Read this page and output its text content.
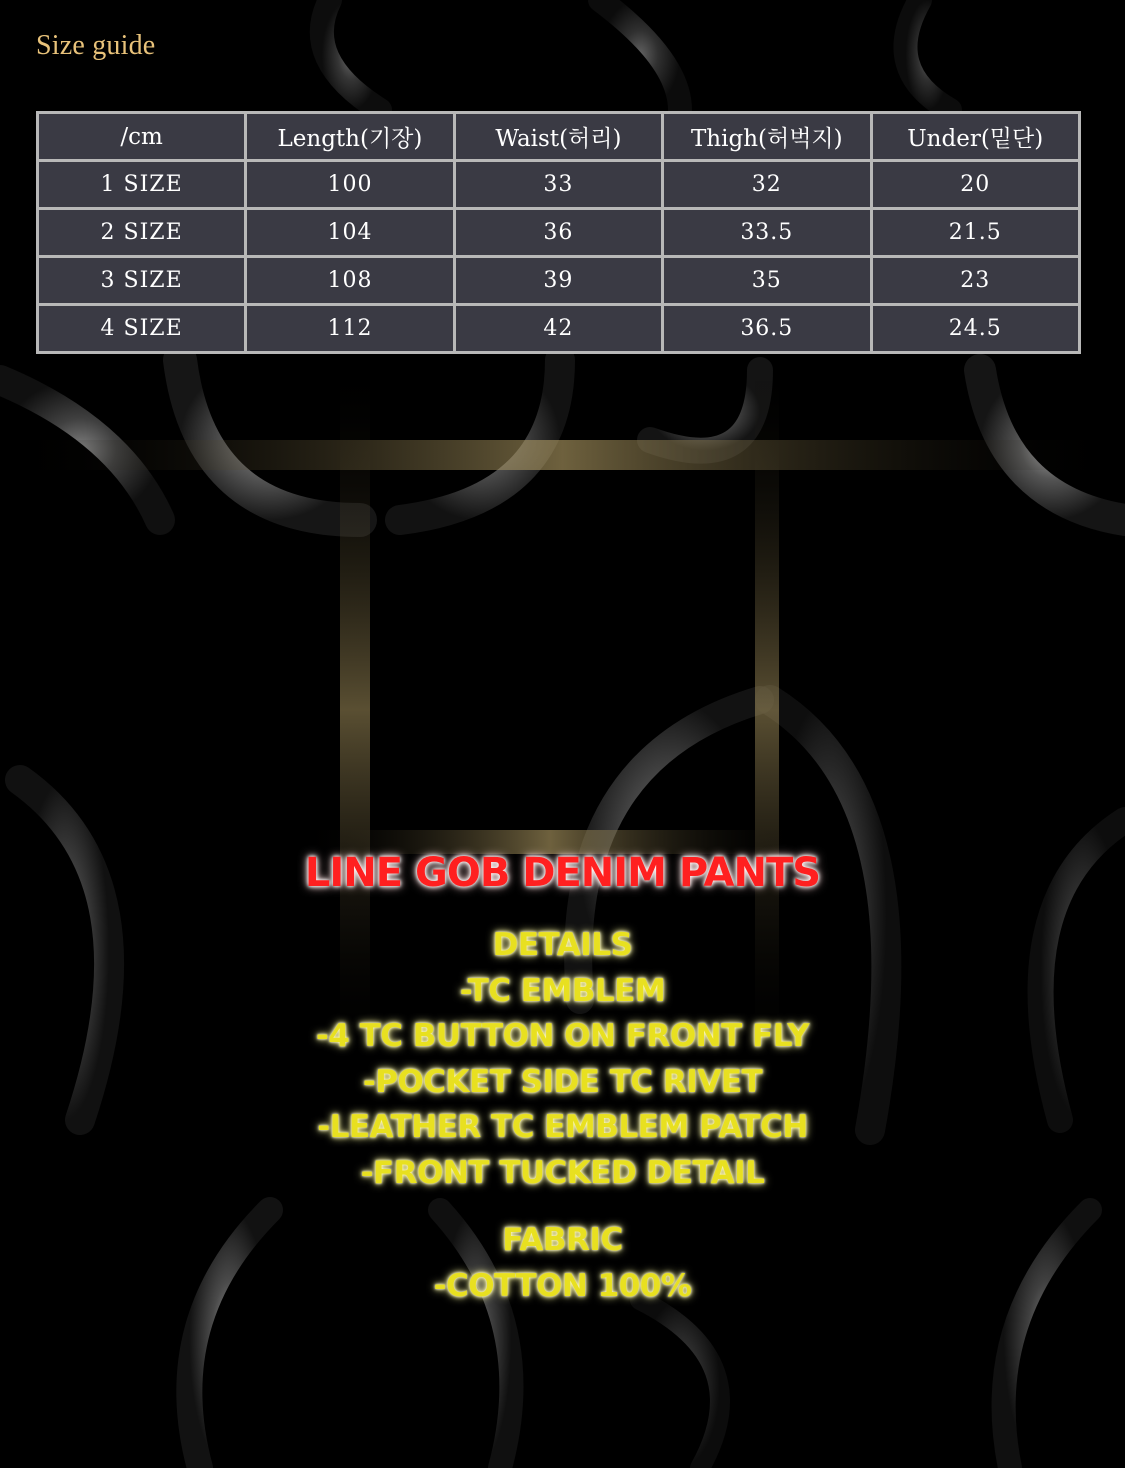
Size guide
/cm	Length(기장)	Waist(허리)	Thigh(허벅지)	Under(밑단)
1 SIZE	100	33	32	20
2 SIZE	104	36	33.5	21.5
3 SIZE	108	39	35	23
4 SIZE	112	42	36.5	24.5
LINE GOB DENIM PANTS
DETAILS
-TC EMBLEM
-4 TC BUTTON ON FRONT FLY
-POCKET SIDE TC RIVET
-LEATHER TC EMBLEM PATCH
-FRONT TUCKED DETAIL
FABRIC
-COTTON 100%
